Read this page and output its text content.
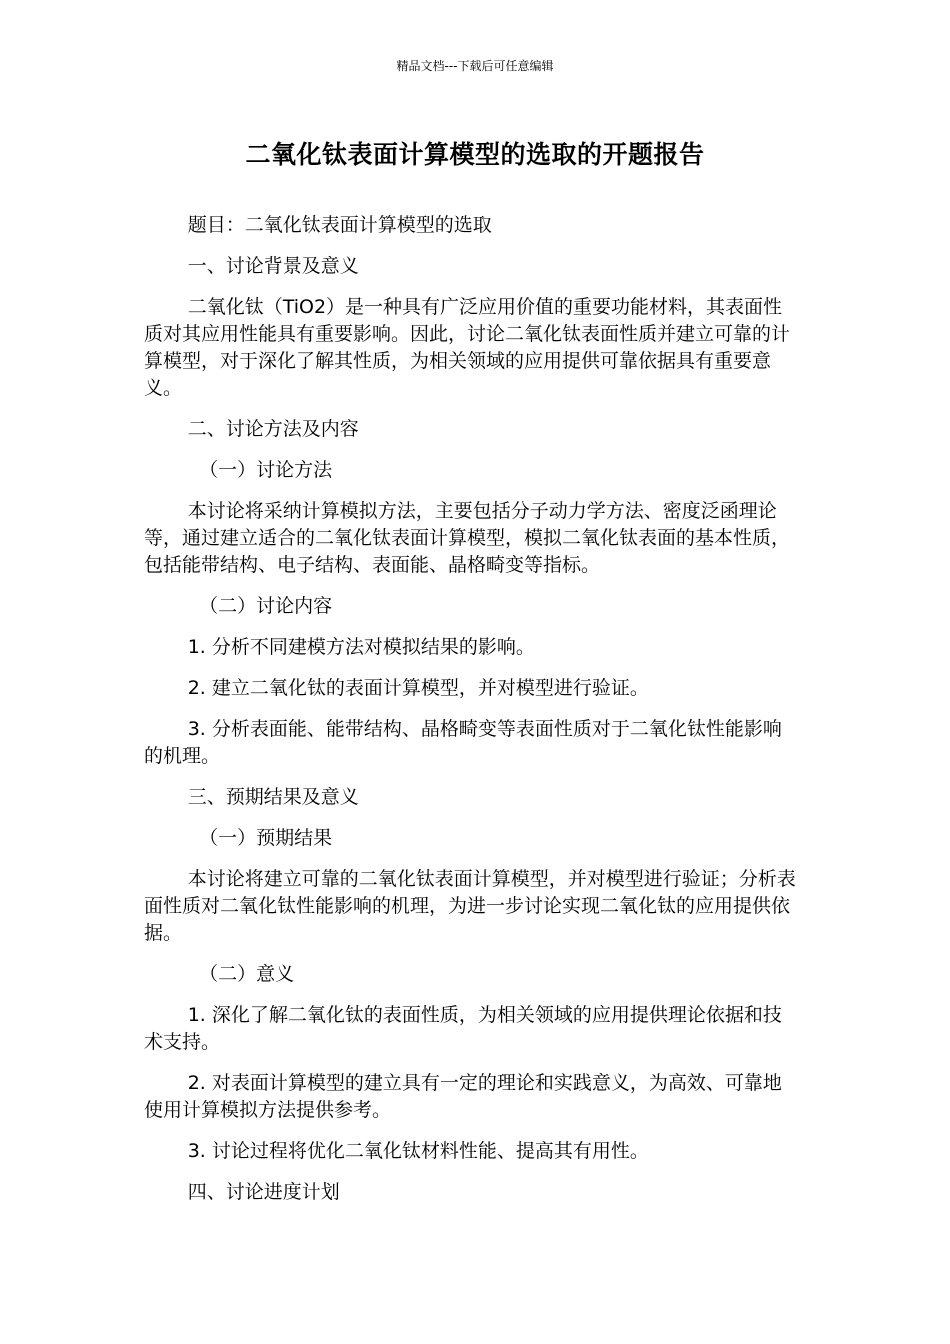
精品文档---下载后可任意编辑
二氧化钛表面计算模型的选取的开题报告

题目：二氧化钛表面计算模型的选取

一、讨论背景及意义

二氧化钛（TiO2）是一种具有广泛应用价值的重要功能材料，其表面性质对其应用性能具有重要影响。因此，讨论二氧化钛表面性质并建立可靠的计算模型，对于深化了解其性质，为相关领域的应用提供可靠依据具有重要意义。

二、讨论方法及内容

（一）讨论方法

本讨论将采纳计算模拟方法，主要包括分子动力学方法、密度泛函理论等，通过建立适合的二氧化钛表面计算模型，模拟二氧化钛表面的基本性质，包括能带结构、电子结构、表面能、晶格畸变等指标。

（二）讨论内容

1. 分析不同建模方法对模拟结果的影响。

2. 建立二氧化钛的表面计算模型，并对模型进行验证。

3. 分析表面能、能带结构、晶格畸变等表面性质对于二氧化钛性能影响的机理。

三、预期结果及意义

（一）预期结果

本讨论将建立可靠的二氧化钛表面计算模型，并对模型进行验证；分析表面性质对二氧化钛性能影响的机理，为进一步讨论实现二氧化钛的应用提供依据。

（二）意义

1. 深化了解二氧化钛的表面性质，为相关领域的应用提供理论依据和技术支持。

2. 对表面计算模型的建立具有一定的理论和实践意义，为高效、可靠地使用计算模拟方法提供参考。

3. 讨论过程将优化二氧化钛材料性能、提高其有用性。

四、讨论进度计划
